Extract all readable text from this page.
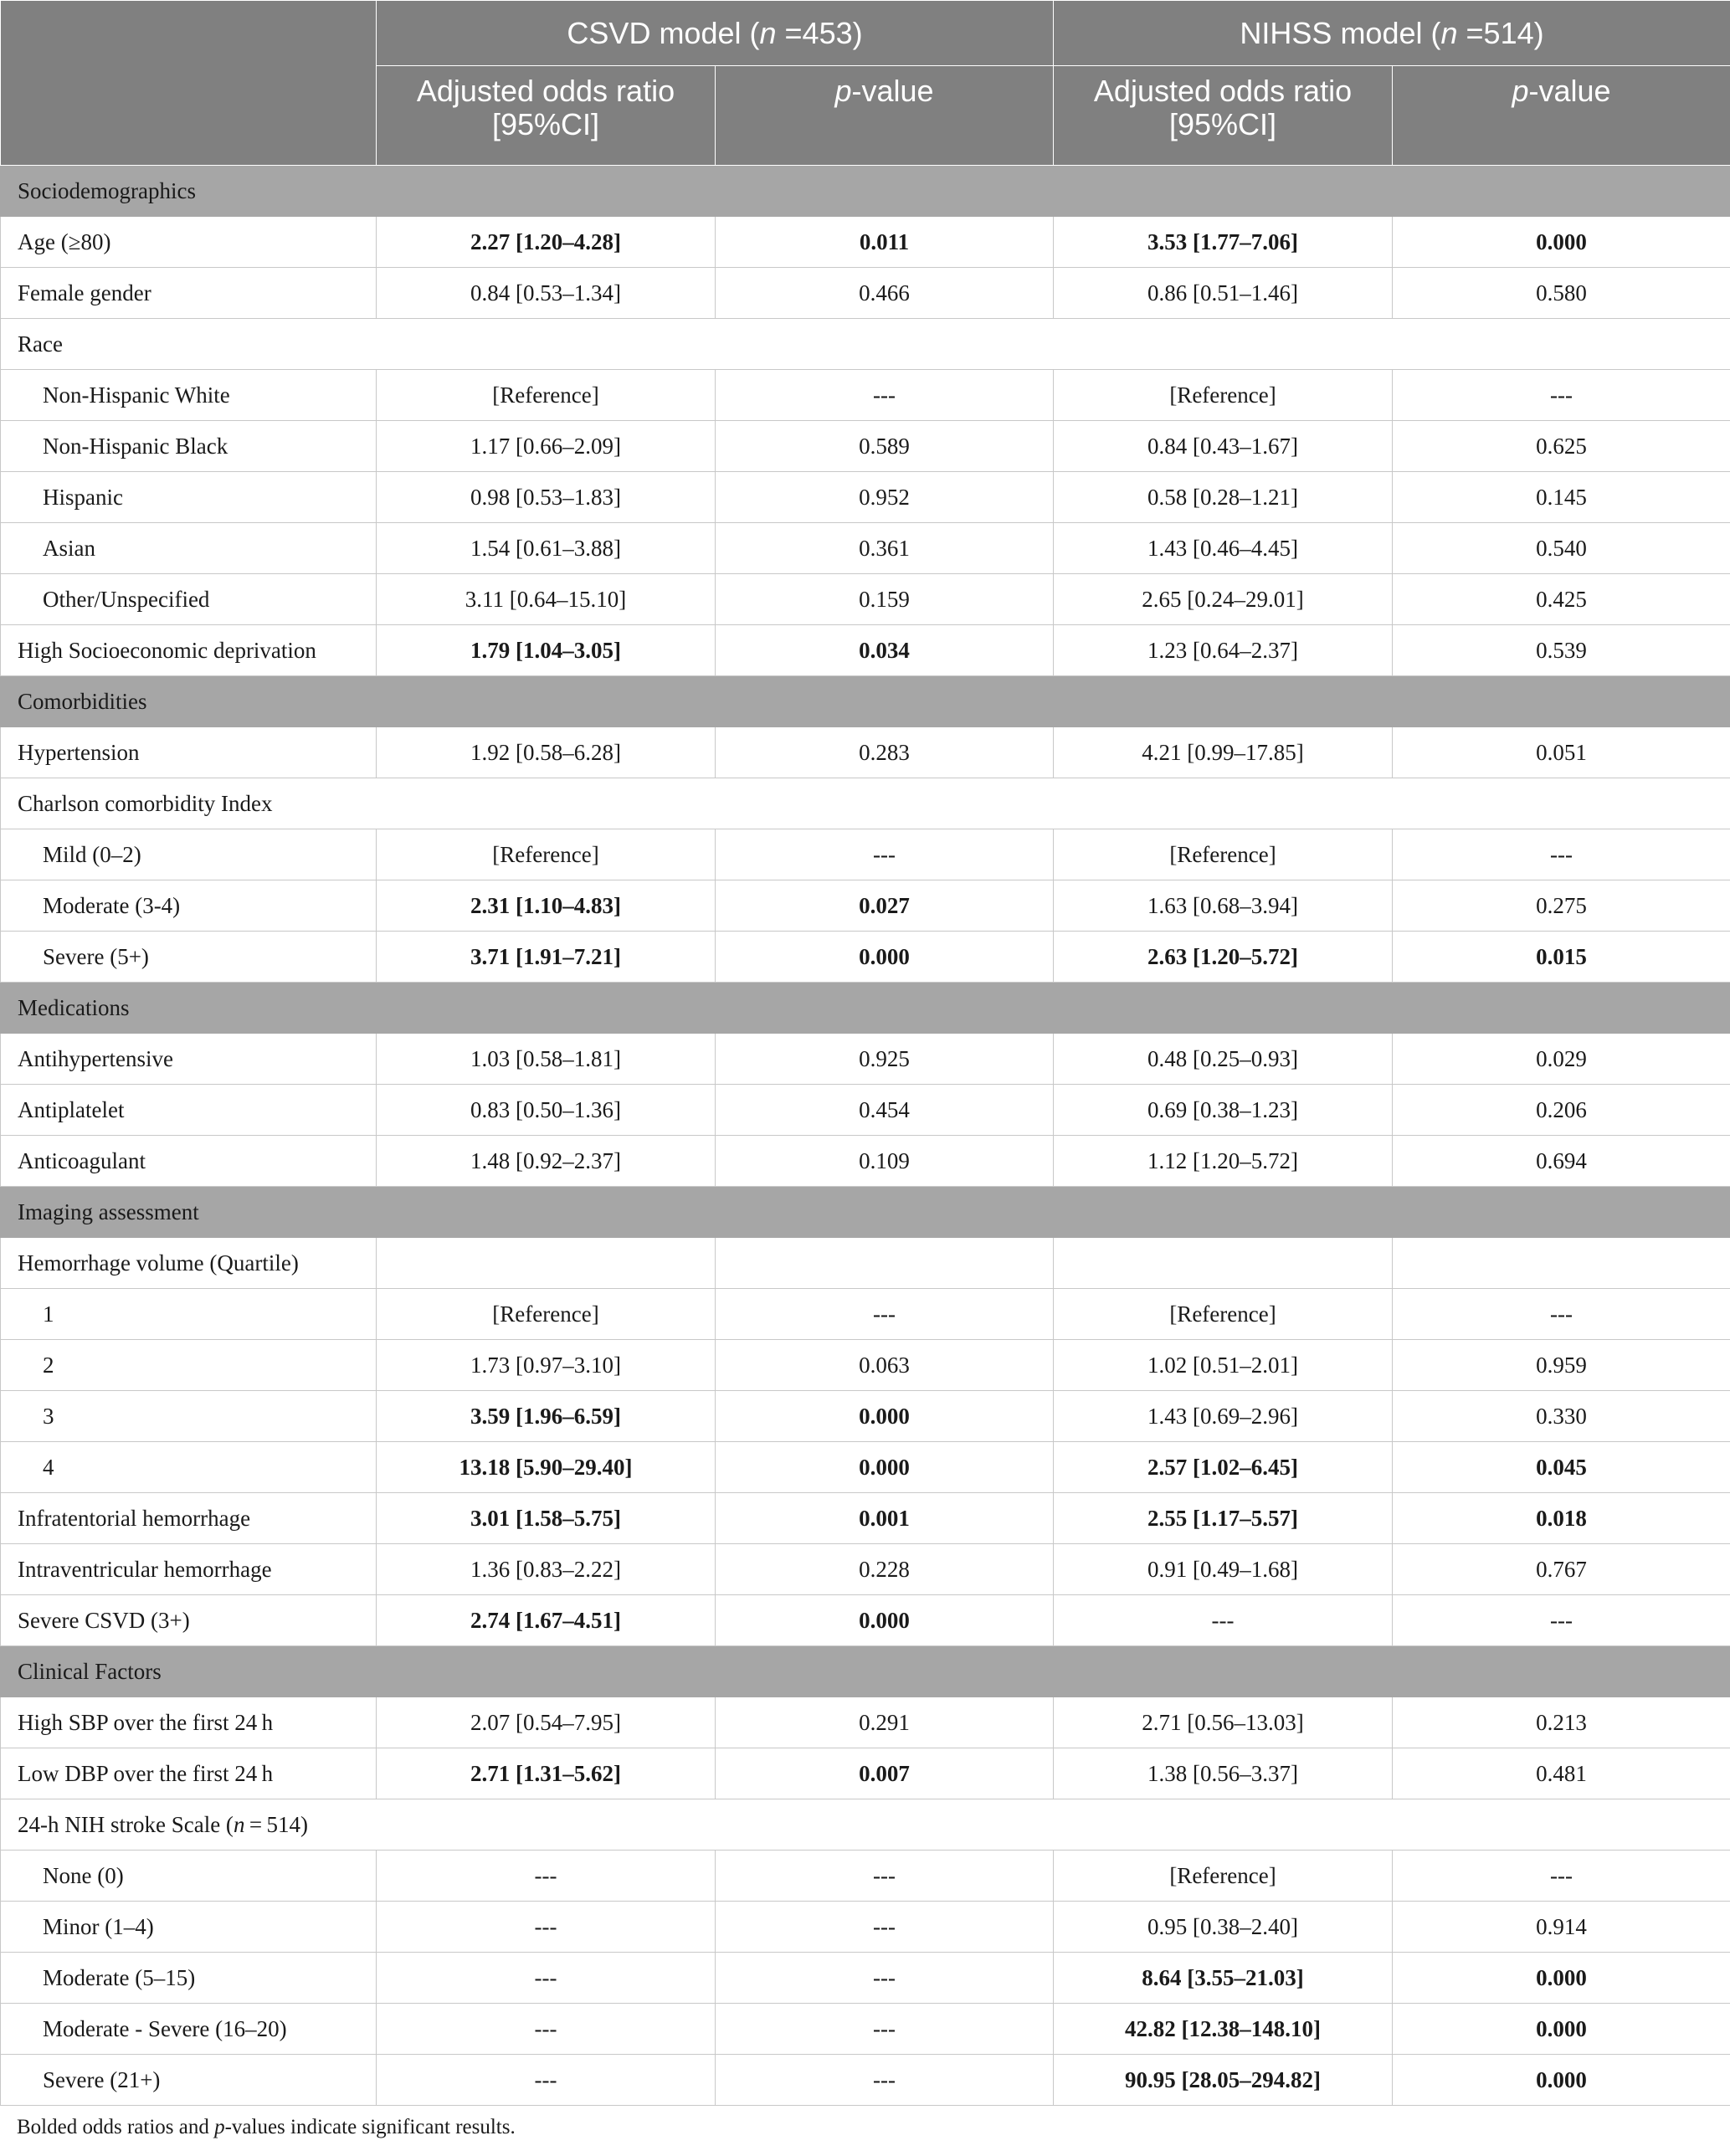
	CSVD model (n =453)		NIHSS model (n =514)	
	Adjusted odds ratio [95%CI]	p-value	Adjusted odds ratio [95%CI]	p-value
Sociodemographics				
Age (≥80)	2.27 [1.20–4.28]	0.011	3.53 [1.77–7.06]	0.000
Female gender	0.84 [0.53–1.34]	0.466	0.86 [0.51–1.46]	0.580
Race				
Non-Hispanic White	[Reference]	---	[Reference]	---
Non-Hispanic Black	1.17 [0.66–2.09]	0.589	0.84 [0.43–1.67]	0.625
Hispanic	0.98 [0.53–1.83]	0.952	0.58 [0.28–1.21]	0.145
Asian	1.54 [0.61–3.88]	0.361	1.43 [0.46–4.45]	0.540
Other/Unspecified	3.11 [0.64–15.10]	0.159	2.65 [0.24–29.01]	0.425
High Socioeconomic deprivation	1.79 [1.04–3.05]	0.034	1.23 [0.64–2.37]	0.539
Comorbidities				
Hypertension	1.92 [0.58–6.28]	0.283	4.21 [0.99–17.85]	0.051
Charlson comorbidity Index				
Mild (0–2)	[Reference]	---	[Reference]	---
Moderate (3-4)	2.31 [1.10–4.83]	0.027	1.63 [0.68–3.94]	0.275
Severe (5+)	3.71 [1.91–7.21]	0.000	2.63 [1.20–5.72]	0.015
Medications				
Antihypertensive	1.03 [0.58–1.81]	0.925	0.48 [0.25–0.93]	0.029
Antiplatelet	0.83 [0.50–1.36]	0.454	0.69 [0.38–1.23]	0.206
Anticoagulant	1.48 [0.92–2.37]	0.109	1.12 [1.20–5.72]	0.694
Imaging assessment				
Hemorrhage volume (Quartile)				
1	[Reference]	---	[Reference]	---
2	1.73 [0.97–3.10]	0.063	1.02 [0.51–2.01]	0.959
3	3.59 [1.96–6.59]	0.000	1.43 [0.69–2.96]	0.330
4	13.18 [5.90–29.40]	0.000	2.57 [1.02–6.45]	0.045
Infratentorial hemorrhage	3.01 [1.58–5.75]	0.001	2.55 [1.17–5.57]	0.018
Intraventricular hemorrhage	1.36 [0.83–2.22]	0.228	0.91 [0.49–1.68]	0.767
Severe CSVD (3+)	2.74 [1.67–4.51]	0.000	---	---
Clinical Factors				
High SBP over the first 24 h	2.07 [0.54–7.95]	0.291	2.71 [0.56–13.03]	0.213
Low DBP over the first 24 h	2.71 [1.31–5.62]	0.007	1.38 [0.56–3.37]	0.481
24-h NIH stroke Scale (n = 514)				
None (0)	---	---	[Reference]	---
Minor (1–4)	---	---	0.95 [0.38–2.40]	0.914
Moderate (5–15)	---	---	8.64 [3.55–21.03]	0.000
Moderate - Severe (16–20)	---	---	42.82 [12.38–148.10]	0.000
Severe (21+)	---	---	90.95 [28.05–294.82]	0.000
Bolded odds ratios and p-values indicate significant results.
